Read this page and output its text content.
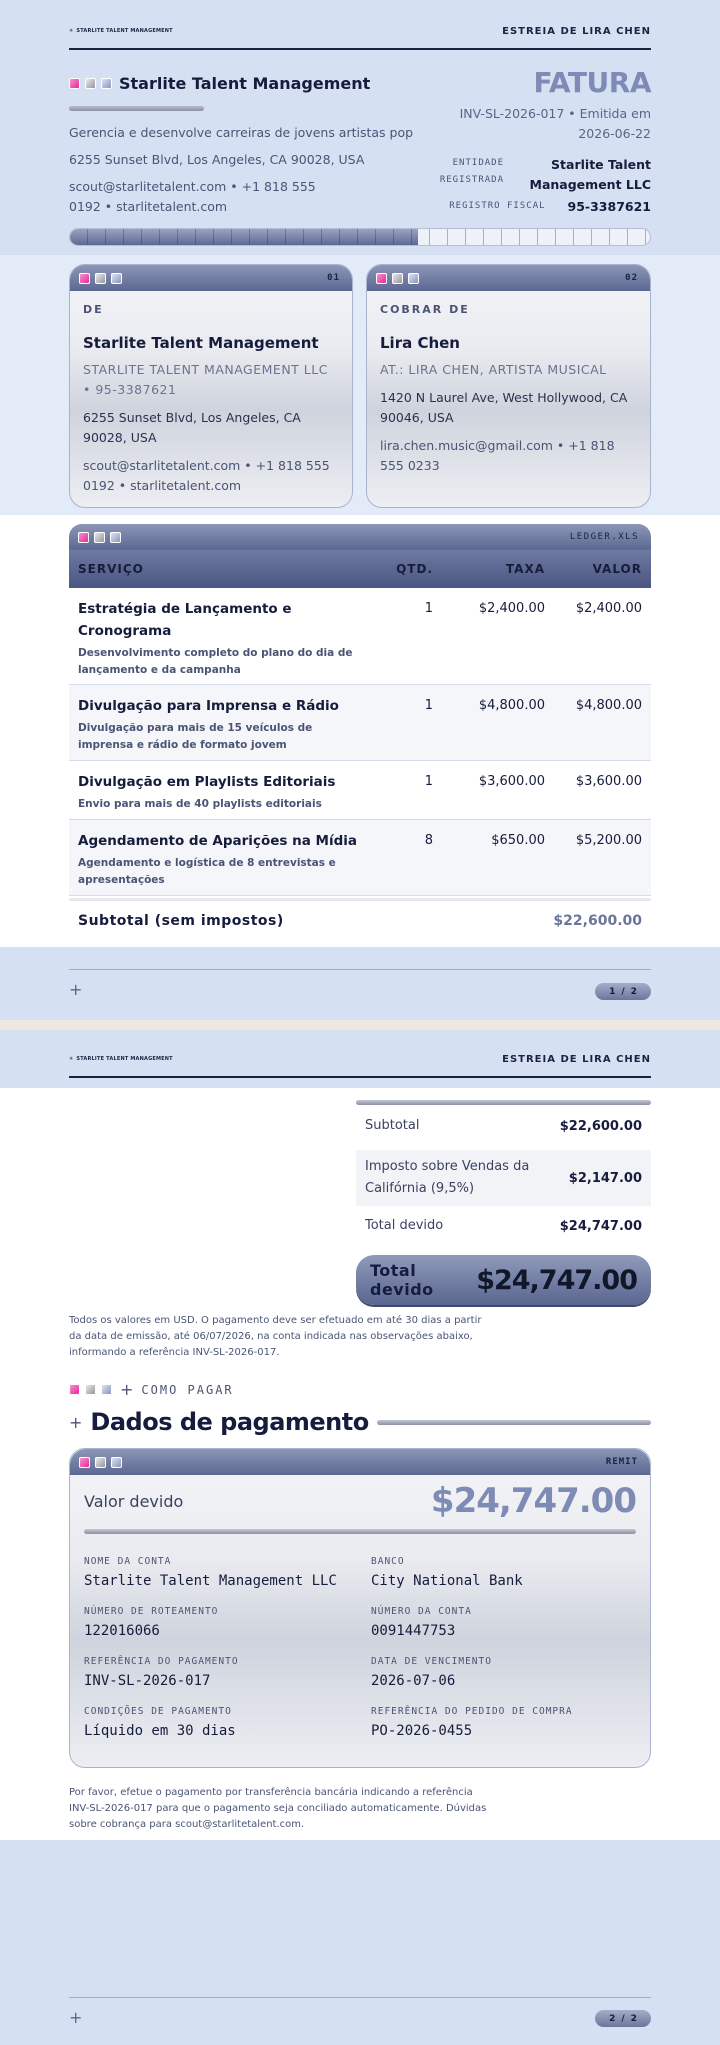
✳ STARLITE TALENT MANAGEMENT	ESTREIA DE LIRA CHEN
Starlite Talent Management
Gerencia e desenvolve carreiras de jovens artistas pop
6255 Sunset Blvd, Los Angeles, CA 90028, USA
scout@starlitetalent.com • +1 818 555 0192 • starlitetalent.com
FATURA
INV-SL-2026-017 • Emitida em 2026-06-22
ENTIDADE REGISTRADA
Starlite Talent Management LLC
REGISTRO FISCAL 95-3387621
01
DE
Starlite Talent Management
STARLITE TALENT MANAGEMENT LLC • 95-3387621
6255 Sunset Blvd, Los Angeles, CA 90028, USA
scout@starlitetalent.com • +1 818 555 0192 • starlitetalent.com
02
COBRAR DE
Lira Chen
AT.: LIRA CHEN, ARTISTA MUSICAL
1420 N Laurel Ave, West Hollywood, CA 90046, USA
lira.chen.music@gmail.com • +1 818 555 0233
LEDGER.XLS
SERVIÇO	QTD.	TAXA	VALOR
Estratégia de Lançamento e Cronograma
Desenvolvimento completo do plano do dia de lançamento e da campanha
1	$2,400.00	$2,400.00
Divulgação para Imprensa e Rádio
Divulgação para mais de 15 veículos de imprensa e rádio de formato jovem
1	$4,800.00	$4,800.00
Divulgação em Playlists Editoriais
Envio para mais de 40 playlists editoriais
1	$3,600.00	$3,600.00
Agendamento de Aparições na Mídia
Agendamento e logística de 8 entrevistas e apresentações
8	$650.00	$5,200.00
Subtotal (sem impostos)	$22,600.00
+	1 / 2
✳ STARLITE TALENT MANAGEMENT	ESTREIA DE LIRA CHEN
Subtotal	$22,600.00
Imposto sobre Vendas da Califórnia (9,5%)
$2,147.00
Total devido	$24,747.00
Total devido	$24,747.00
Todos os valores em USD. O pagamento deve ser efetuado em até 30 dias a partir da data de emissão, até 06/07/2026, na conta indicada nas observações abaixo, informando a referência INV-SL-2026-017.
+ COMO PAGAR
+ Dados de pagamento
REMIT
Valor devido	$24,747.00
NOME DA CONTA
Starlite Talent Management LLC
BANCO
City National Bank
NÚMERO DE ROTEAMENTO
122016066
NÚMERO DA CONTA
0091447753
REFERÊNCIA DO PAGAMENTO
INV-SL-2026-017
DATA DE VENCIMENTO
2026-07-06
CONDIÇÕES DE PAGAMENTO
Líquido em 30 dias
REFERÊNCIA DO PEDIDO DE COMPRA
PO-2026-0455
Por favor, efetue o pagamento por transferência bancária indicando a referência INV-SL-2026-017 para que o pagamento seja conciliado automaticamente. Dúvidas sobre cobrança para scout@starlitetalent.com.
+	2 / 2
